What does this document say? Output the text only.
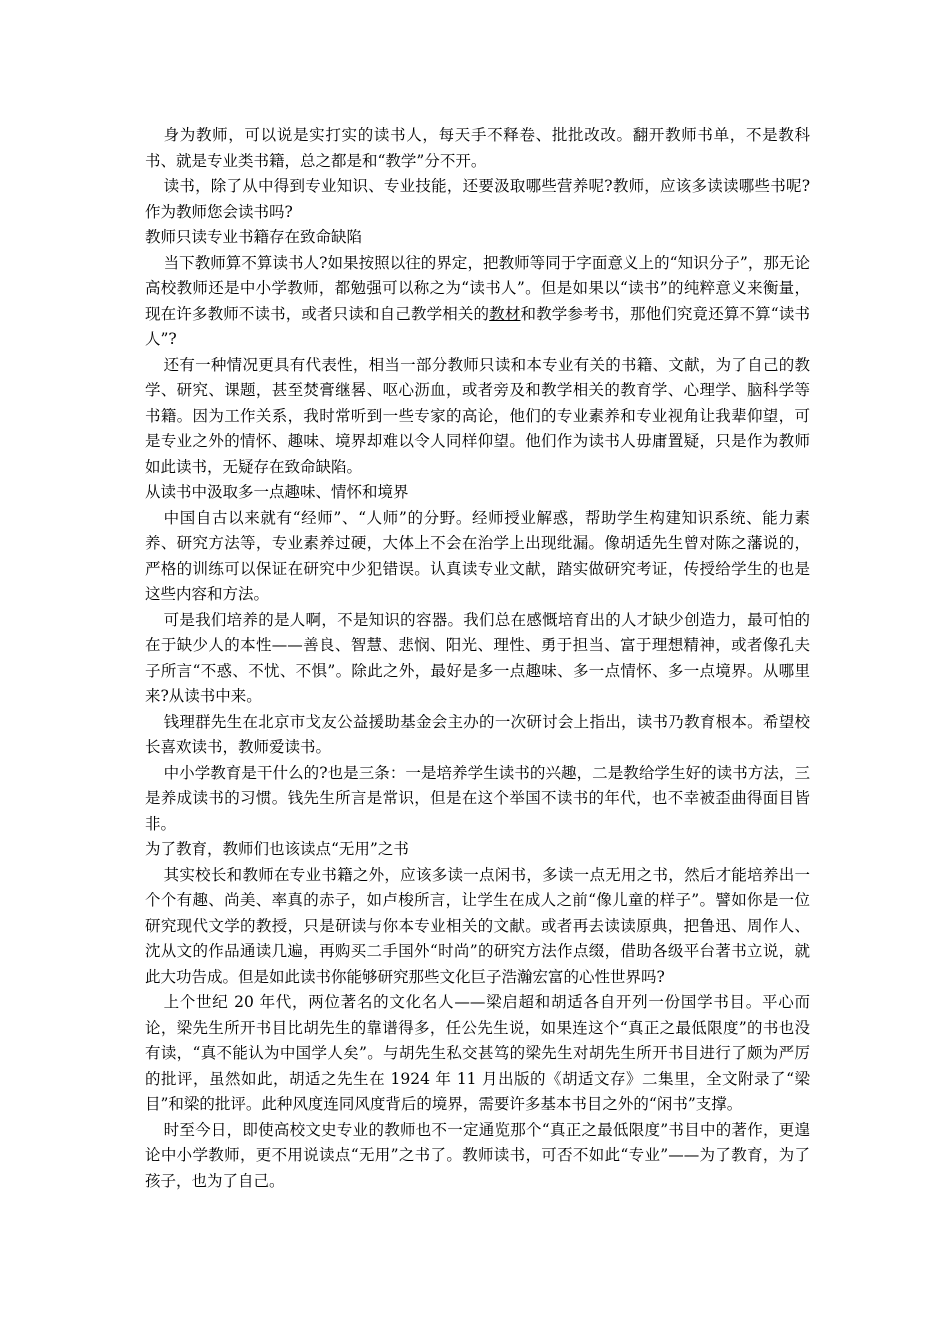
身为教师，可以说是实打实的读书人，每天手不释卷、批批改改。翻开教师书单，不是教科书、就是专业类书籍，总之都是和“教学”分不开。

读书，除了从中得到专业知识、专业技能，还要汲取哪些营养呢?教师，应该多读读哪些书呢?作为教师您会读书吗?

教师只读专业书籍存在致命缺陷

当下教师算不算读书人?如果按照以往的界定，把教师等同于字面意义上的“知识分子”，那无论高校教师还是中小学教师，都勉强可以称之为“读书人”。但是如果以“读书”的纯粹意义来衡量，现在许多教师不读书，或者只读和自己教学相关的教材和教学参考书，那他们究竟还算不算“读书人”?

还有一种情况更具有代表性，相当一部分教师只读和本专业有关的书籍、文献，为了自己的教学、研究、课题，甚至焚膏继晷、呕心沥血，或者旁及和教学相关的教育学、心理学、脑科学等书籍。因为工作关系，我时常听到一些专家的高论，他们的专业素养和专业视角让我辈仰望，可是专业之外的情怀、趣味、境界却难以令人同样仰望。他们作为读书人毋庸置疑，只是作为教师如此读书，无疑存在致命缺陷。

从读书中汲取多一点趣味、情怀和境界

中国自古以来就有“经师”、“人师”的分野。经师授业解惑，帮助学生构建知识系统、能力素养、研究方法等，专业素养过硬，大体上不会在治学上出现纰漏。像胡适先生曾对陈之藩说的，严格的训练可以保证在研究中少犯错误。认真读专业文献，踏实做研究考证，传授给学生的也是这些内容和方法。

可是我们培养的是人啊，不是知识的容器。我们总在感慨培育出的人才缺少创造力，最可怕的在于缺少人的本性——善良、智慧、悲悯、阳光、理性、勇于担当、富于理想精神，或者像孔夫子所言“不惑、不忧、不惧”。除此之外，最好是多一点趣味、多一点情怀、多一点境界。从哪里来?从读书中来。

钱理群先生在北京市戈友公益援助基金会主办的一次研讨会上指出，读书乃教育根本。希望校长喜欢读书，教师爱读书。

中小学教育是干什么的?也是三条：一是培养学生读书的兴趣，二是教给学生好的读书方法，三是养成读书的习惯。钱先生所言是常识，但是在这个举国不读书的年代，也不幸被歪曲得面目皆非。

为了教育，教师们也该读点“无用”之书

其实校长和教师在专业书籍之外，应该多读一点闲书，多读一点无用之书，然后才能培养出一个个有趣、尚美、率真的赤子，如卢梭所言，让学生在成人之前“像儿童的样子”。譬如你是一位研究现代文学的教授，只是研读与你本专业相关的文献。或者再去读读原典，把鲁迅、周作人、沈从文的作品通读几遍，再购买二手国外“时尚”的研究方法作点缀，借助各级平台著书立说，就此大功告成。但是如此读书你能够研究那些文化巨子浩瀚宏富的心性世界吗?

上个世纪 20 年代，两位著名的文化名人——梁启超和胡适各自开列一份国学书目。平心而论，梁先生所开书目比胡先生的靠谱得多，任公先生说，如果连这个“真正之最低限度”的书也没有读，“真不能认为中国学人矣”。与胡先生私交甚笃的梁先生对胡先生所开书目进行了颇为严厉的批评，虽然如此，胡适之先生在 1924 年 11 月出版的《胡适文存》二集里，全文附录了“梁目”和梁的批评。此种风度连同风度背后的境界，需要许多基本书目之外的“闲书”支撑。

时至今日，即使高校文史专业的教师也不一定通览那个“真正之最低限度”书目中的著作，更遑论中小学教师，更不用说读点“无用”之书了。教师读书，可否不如此“专业”——为了教育，为了孩子，也为了自己。
